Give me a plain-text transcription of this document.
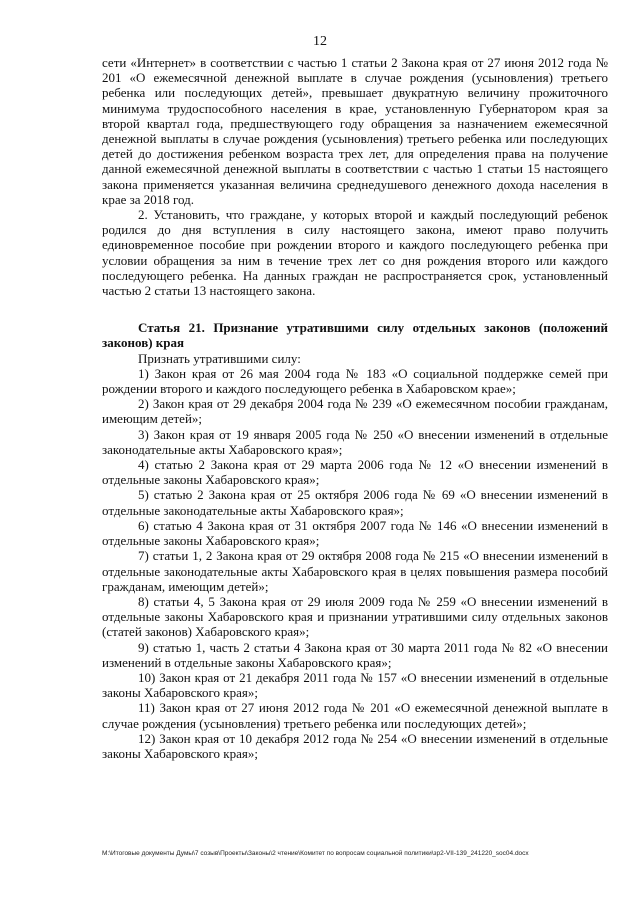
12

сети «Интернет» в соответствии с частью 1 статьи 2 Закона края от 27 июня 2012 года № 201 «О ежемесячной денежной выплате в случае рождения (усыновления) третьего ребенка или последующих детей», превышает двукратную величину прожиточного минимума трудоспособного населения в крае, установленную Губернатором края за второй квартал года, предшествующего году обращения за назначением ежемесячной денежной выплаты в случае рождения (усыновления) третьего ребенка или последующих детей до достижения ребенком возраста трех лет, для определения права на получение данной ежемесячной денежной выплаты в соответствии с частью 1 статьи 15 настоящего закона применяется указанная величина среднедушевого денежного дохода населения в крае за 2018 год.

2. Установить, что граждане, у которых второй и каждый последующий ребенок родился до дня вступления в силу настоящего закона, имеют право получить единовременное пособие при рождении второго и каждого последующего ребенка при условии обращения за ним в течение трех лет со дня рождения второго или каждого последующего ребенка. На данных граждан не распространяется срок, установленный частью 2 статьи 13 настоящего закона.

Статья 21. Признание утратившими силу отдельных законов (положений законов) края

Признать утратившими силу:

1) Закон края от 26 мая 2004 года № 183 «О социальной поддержке семей при рождении второго и каждого последующего ребенка в Хабаровском крае»;

2) Закон края от 29 декабря 2004 года № 239 «О ежемесячном пособии гражданам, имеющим детей»;

3) Закон края от 19 января 2005 года № 250 «О внесении изменений в отдельные законодательные акты Хабаровского края»;

4) статью 2 Закона края от 29 марта 2006 года № 12 «О внесении изменений в отдельные законы Хабаровского края»;

5) статью 2 Закона края от 25 октября 2006 года № 69 «О внесении изменений в отдельные законодательные акты Хабаровского края»;

6) статью 4 Закона края от 31 октября 2007 года № 146 «О внесении изменений в отдельные законы Хабаровского края»;

7) статьи 1, 2 Закона края от 29 октября 2008 года № 215 «О внесении изменений в отдельные законодательные акты Хабаровского края в целях повышения размера пособий гражданам, имеющим детей»;

8) статьи 4, 5 Закона края от 29 июля 2009 года № 259 «О внесении изменений в отдельные законы Хабаровского края и признании утратившими силу отдельных законов (статей законов) Хабаровского края»;

9) статью 1, часть 2 статьи 4 Закона края от 30 марта 2011 года № 82 «О внесении изменений в отдельные законы Хабаровского края»;

10) Закон края от 21 декабря 2011 года № 157 «О внесении изменений в отдельные законы Хабаровского края»;

11) Закон края от 27 июня 2012 года № 201 «О ежемесячной денежной выплате в случае рождения (усыновления) третьего ребенка или последующих детей»;

12) Закон края от 10 декабря 2012 года № 254 «О внесении изменений в отдельные законы Хабаровского края»;

M:\Итоговые документы Думы\7 созыв\Проекты\Законы\2 чтение\Комитет по вопросам социальной политики\зр2-VII-139_241220_soc04.docx
